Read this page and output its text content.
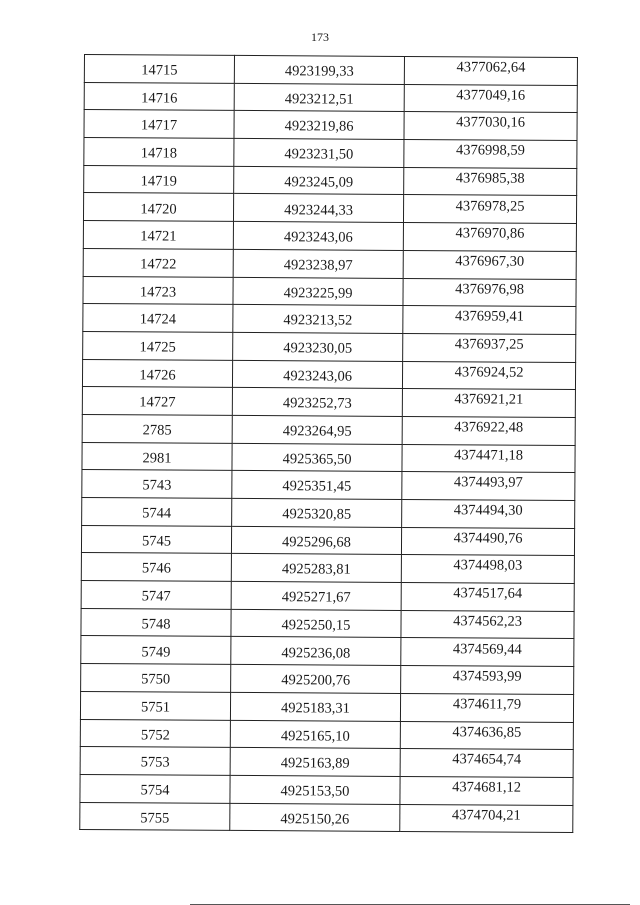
173
14715	4923199,33	4377062,64
14716	4923212,51	4377049,16
14717	4923219,86	4377030,16
14718	4923231,50	4376998,59
14719	4923245,09	4376985,38
14720	4923244,33	4376978,25
14721	4923243,06	4376970,86
14722	4923238,97	4376967,30
14723	4923225,99	4376976,98
14724	4923213,52	4376959,41
14725	4923230,05	4376937,25
14726	4923243,06	4376924,52
14727	4923252,73	4376921,21
2785	4923264,95	4376922,48
2981	4925365,50	4374471,18
5743	4925351,45	4374493,97
5744	4925320,85	4374494,30
5745	4925296,68	4374490,76
5746	4925283,81	4374498,03
5747	4925271,67	4374517,64
5748	4925250,15	4374562,23
5749	4925236,08	4374569,44
5750	4925200,76	4374593,99
5751	4925183,31	4374611,79
5752	4925165,10	4374636,85
5753	4925163,89	4374654,74
5754	4925153,50	4374681,12
5755	4925150,26	4374704,21
